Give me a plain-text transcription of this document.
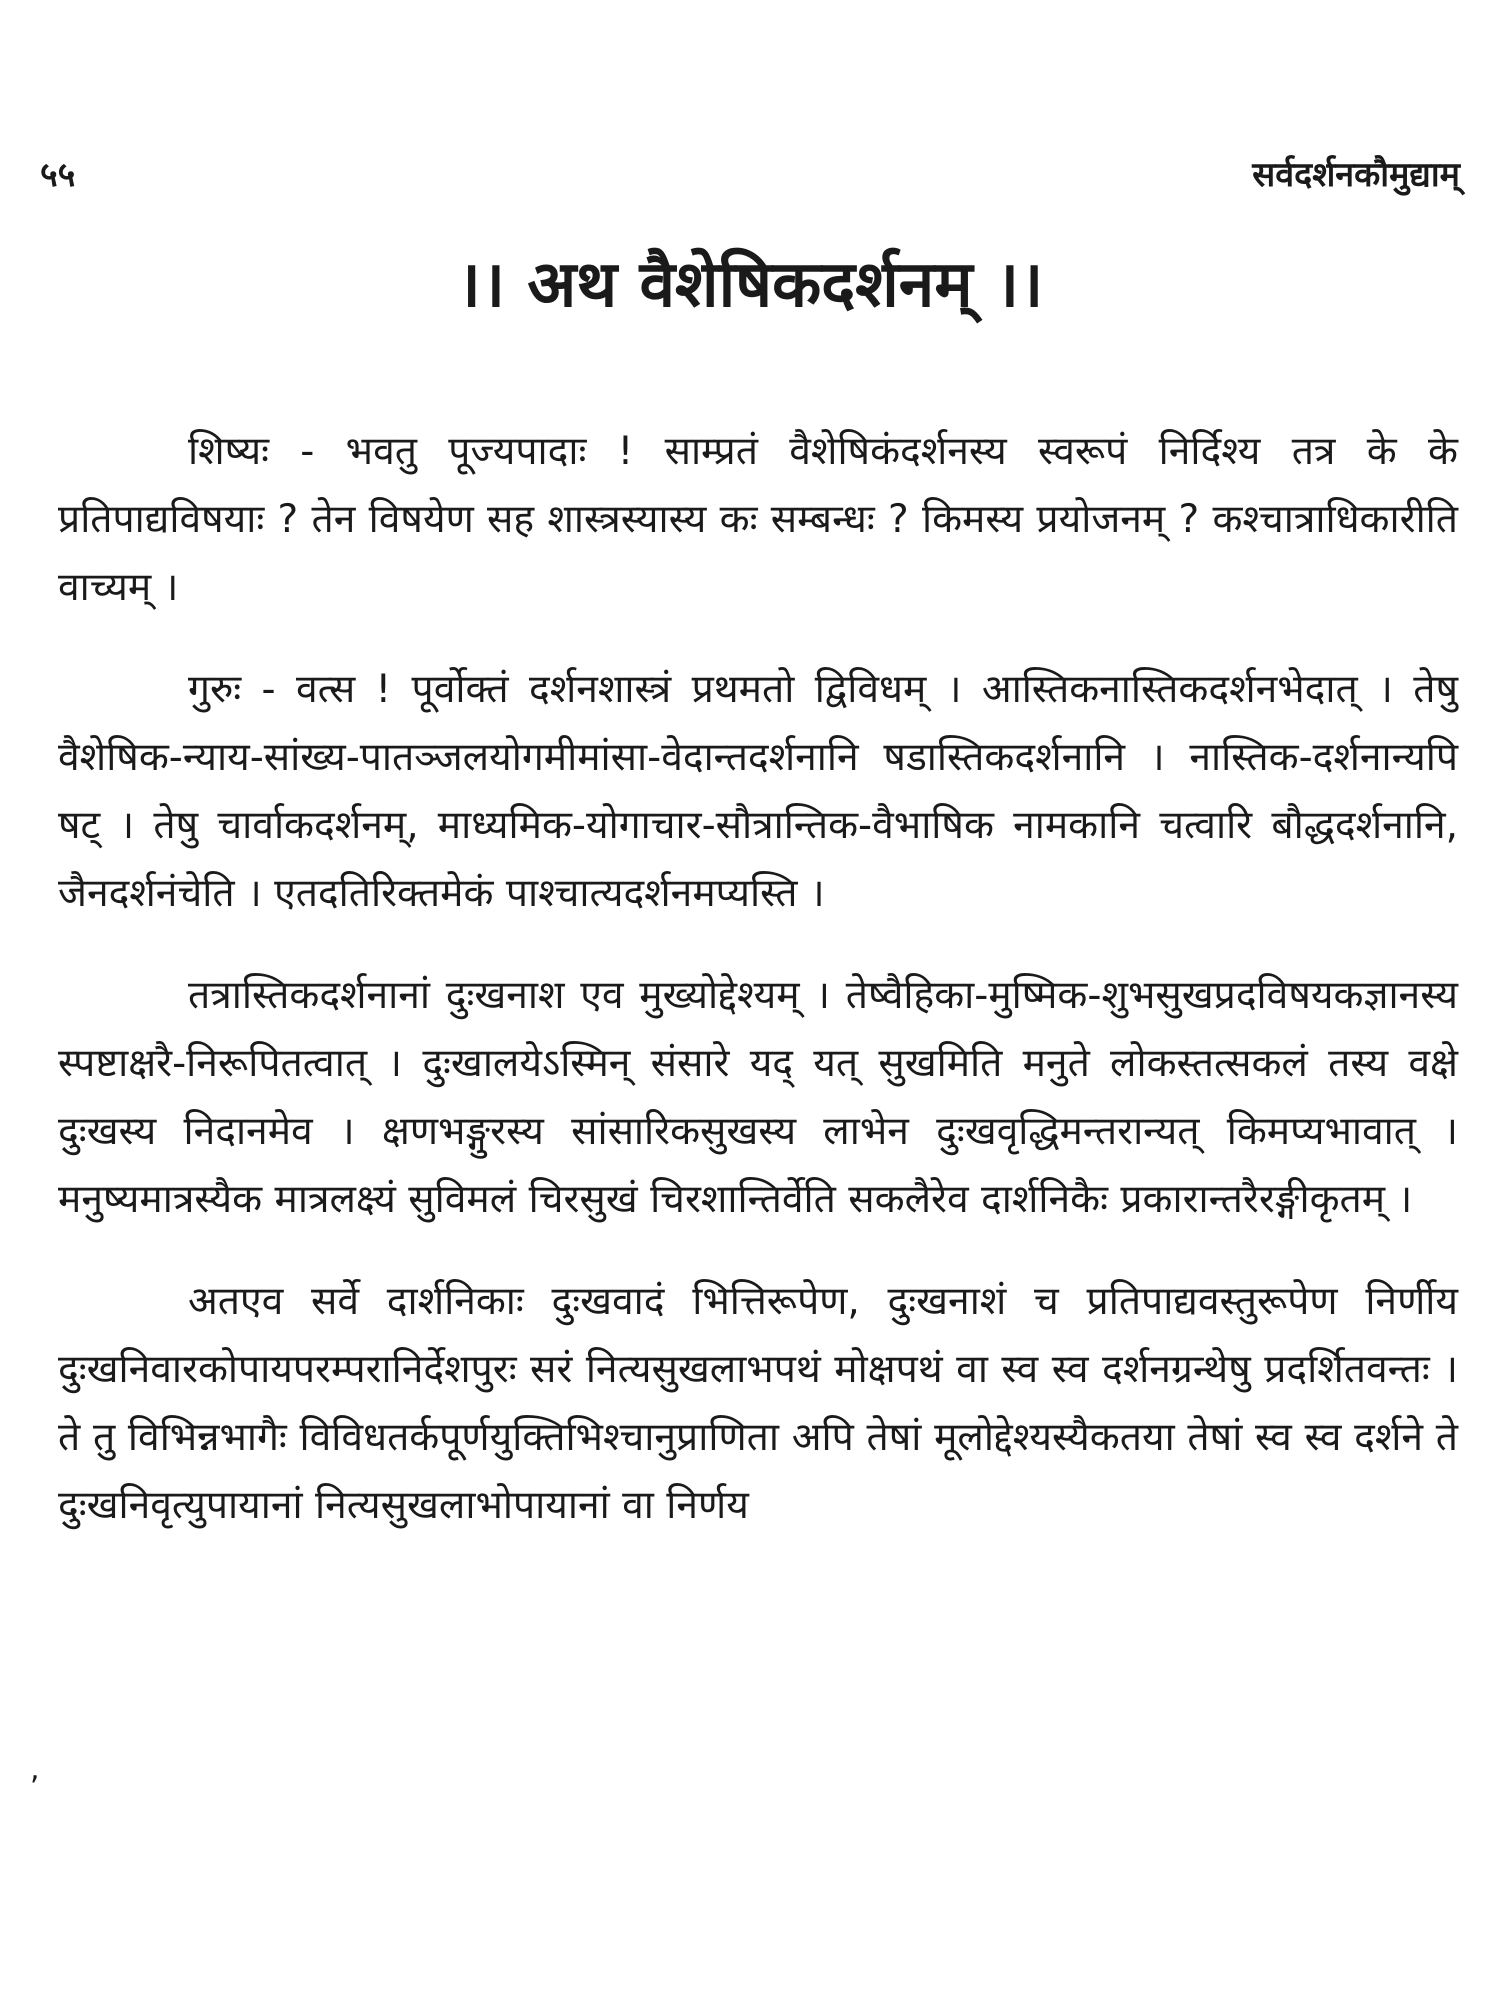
५५	सर्वदर्शनकौमुद्याम्
।। अथ वैशेषिकदर्शनम् ।।

शिष्यः - भवतु पूज्यपादाः ! साम्प्रतं वैशेषिकंदर्शनस्य स्वरूपं निर्दिश्य तत्र के के प्रतिपाद्यविषयाः ? तेन विषयेण सह शास्त्रस्यास्य कः सम्बन्धः ? किमस्य प्रयोजनम् ? कश्चात्राधिकारीति वाच्यम् ।

गुरुः - वत्स ! पूर्वोक्तं दर्शनशास्त्रं प्रथमतो द्विविधम् । आस्तिकनास्तिकदर्शनभेदात् । तेषु वैशेषिक-न्याय-सांख्य-पातञ्जलयोगमीमांसा-वेदान्तदर्शनानि षडास्तिकदर्शनानि । नास्तिक-दर्शनान्यपि षट् । तेषु चार्वाकदर्शनम्, माध्यमिक-योगाचार-सौत्रान्तिक-वैभाषिक नामकानि चत्वारि बौद्धदर्शनानि, जैनदर्शनंचेति । एतदतिरिक्तमेकं पाश्चात्यदर्शनमप्यस्ति ।

तत्रास्तिकदर्शनानां दुःखनाश एव मुख्योद्देश्यम् । तेष्वैहिका-मुष्मिक-शुभसुखप्रदविषयकज्ञानस्य स्पष्टाक्षरै-निरूपितत्वात् । दुःखालयेऽस्मिन् संसारे यद् यत् सुखमिति मनुते लोकस्तत्सकलं तस्य वक्षे दुःखस्य निदानमेव । क्षणभङ्गुरस्य सांसारिकसुखस्य लाभेन दुःखवृद्धिमन्तरान्यत् किमप्यभावात् । मनुष्यमात्रस्यैक मात्रलक्ष्यं सुविमलं चिरसुखं चिरशान्तिर्वेति सकलैरेव दार्शनिकैः प्रकारान्तरैरङ्गीकृतम् ।

अतएव सर्वे दार्शनिकाः दुःखवादं भित्तिरूपेण, दुःखनाशं च प्रतिपाद्यवस्तुरूपेण निर्णीय दुःखनिवारकोपायपरम्परानिर्देशपुरः सरं नित्यसुखलाभपथं मोक्षपथं वा स्व स्व दर्शनग्रन्थेषु प्रदर्शितवन्तः । ते तु विभिन्नभागैः विविधतर्कपूर्णयुक्तिभिश्चानुप्राणिता अपि तेषां मूलोद्देश्यस्यैकतया तेषां स्व स्व दर्शने ते दुःखनिवृत्युपायानां नित्यसुखलाभोपायानां वा निर्णय

,
